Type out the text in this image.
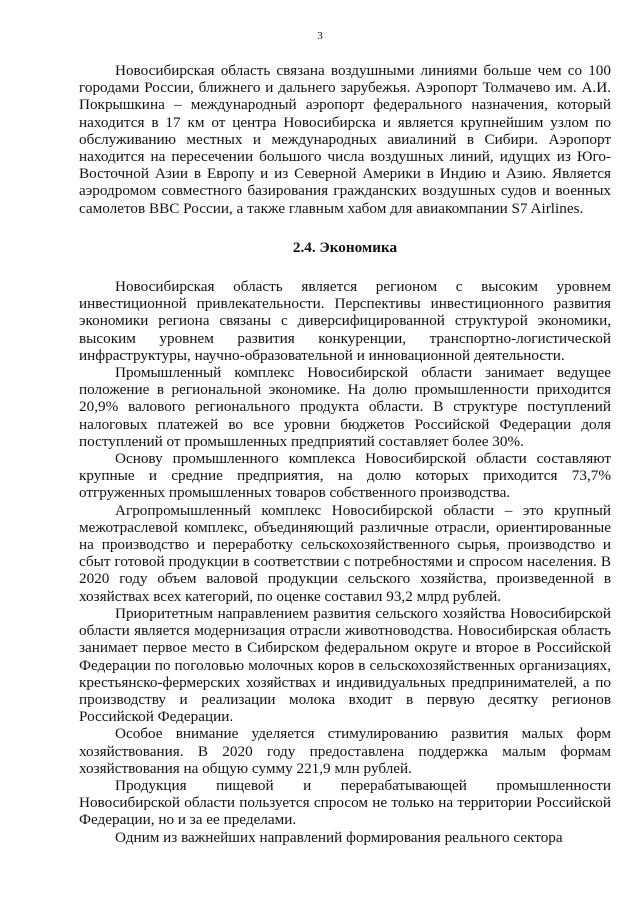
3

Новосибирская область связана воздушными линиями больше чем со 100 городами России, ближнего и дальнего зарубежья. Аэропорт Толмачево им. А.И. Покрышкина – международный аэропорт федерального назначения, который находится в 17 км от центра Новосибирска и является крупнейшим узлом по обслуживанию местных и международных авиалиний в Сибири. Аэропорт находится на пересечении большого числа воздушных линий, идущих из Юго-Восточной Азии в Европу и из Северной Америки в Индию и Азию. Является аэродромом совместного базирования гражданских воздушных судов и военных самолетов ВВС России, а также главным хабом для авиакомпании S7 Airlines.

2.4. Экономика

Новосибирская область является регионом с высоким уровнем инвестиционной привлекательности. Перспективы инвестиционного развития экономики региона связаны с диверсифицированной структурой экономики, высоким уровнем развития конкуренции, транспортно-логистической инфраструктуры, научно-образовательной и инновационной деятельности.

Промышленный комплекс Новосибирской области занимает ведущее положение в региональной экономике. На долю промышленности приходится 20,9% валового регионального продукта области. В структуре поступлений налоговых платежей во все уровни бюджетов Российской Федерации доля поступлений от промышленных предприятий составляет более 30%.

Основу промышленного комплекса Новосибирской области составляют крупные и средние предприятия, на долю которых приходится 73,7% отгруженных промышленных товаров собственного производства.

Агропромышленный комплекс Новосибирской области – это крупный межотраслевой комплекс, объединяющий различные отрасли, ориентированные на производство и переработку сельскохозяйственного сырья, производство и сбыт готовой продукции в соответствии с потребностями и спросом населения. В 2020 году объем валовой продукции сельского хозяйства, произведенной в хозяйствах всех категорий, по оценке составил 93,2 млрд рублей.

Приоритетным направлением развития сельского хозяйства Новосибирской области является модернизация отрасли животноводства. Новосибирская область занимает первое место в Сибирском федеральном округе и второе в Российской Федерации по поголовью молочных коров в сельскохозяйственных организациях, крестьянско-фермерских хозяйствах и индивидуальных предпринимателей, а по производству и реализации молока входит в первую десятку регионов Российской Федерации.

Особое внимание уделяется стимулированию развития малых форм хозяйствования. В 2020 году предоставлена поддержка малым формам хозяйствования на общую сумму 221,9 млн рублей.

Продукция пищевой и перерабатывающей промышленности Новосибирской области пользуется спросом не только на территории Российской Федерации, но и за ее пределами.

Одним из важнейших направлений формирования реального сектора
